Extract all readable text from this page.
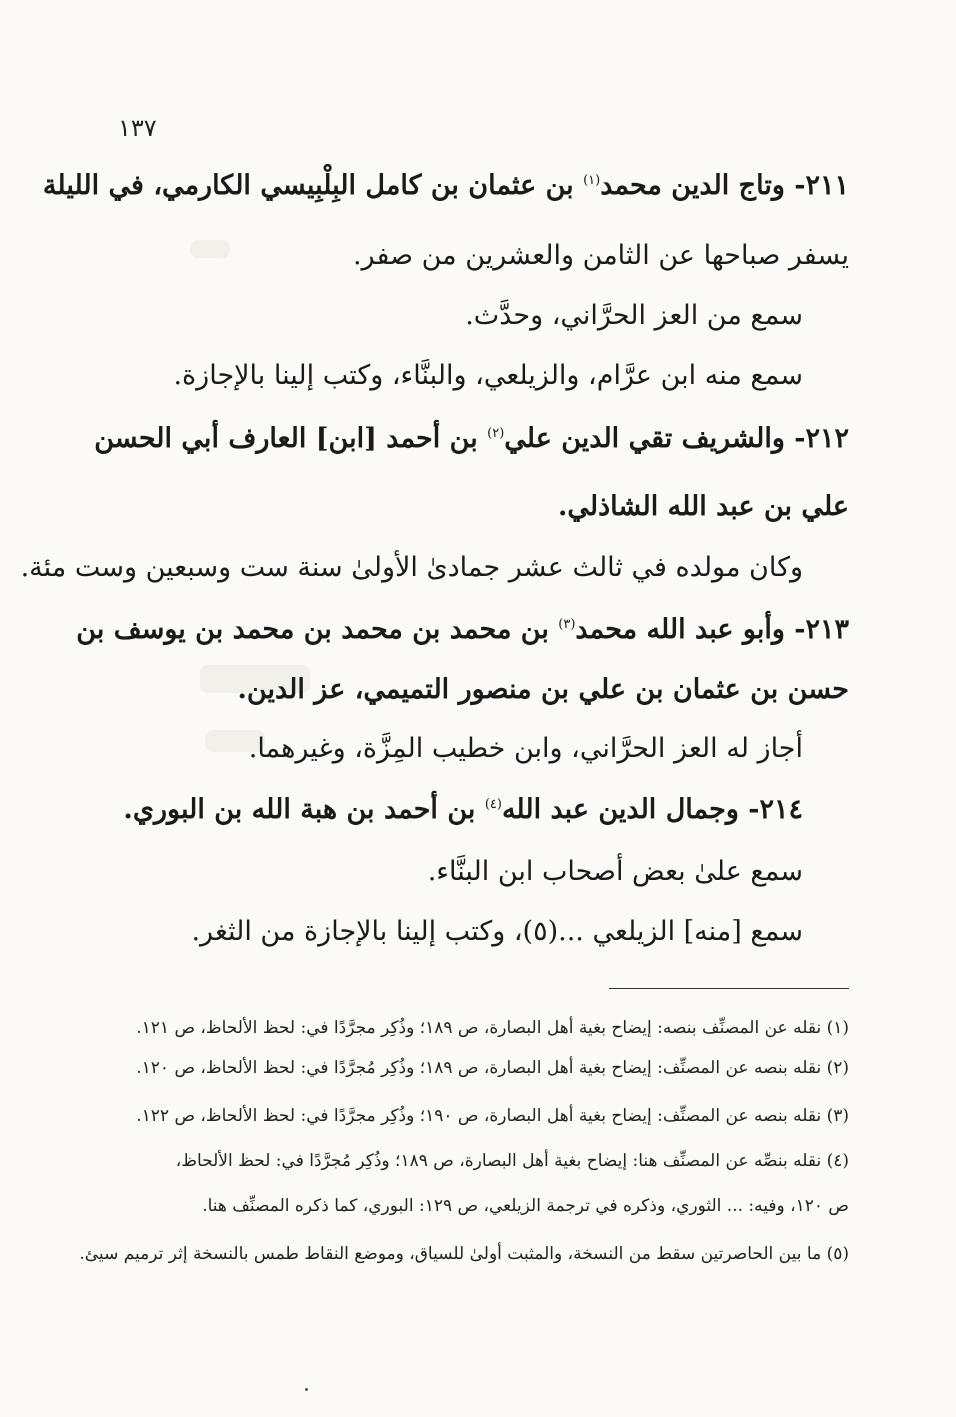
١٣٧
٢١١- وتاج الدين محمد$^{(١)}$ بن عثمان بن كامل البِلْبِيسي الكارمي، في الليلة
يسفر صباحها عن الثامن والعشرين من صفر.
سمع من العز الحرَّاني، وحدَّث.
سمع منه ابن عرَّام، والزيلعي، والبنَّاء، وكتب إلينا بالإجازة.
٢١٢- والشريف تقي الدين علي$^{(٢)}$ بن أحمد [ابن] العارف أبي الحسن
علي بن عبد الله الشاذلي.
وكان مولده في ثالث عشر جمادىٰ الأولىٰ سنة ست وسبعين وست مئة.
٢١٣- وأبو عبد الله محمد$^{(٣)}$ بن محمد بن محمد بن محمد بن يوسف بن
حسن بن عثمان بن علي بن منصور التميمي، عز الدين.
أجاز له العز الحرَّاني، وابن خطيب المِزَّة، وغيرهما.
٢١٤- وجمال الدين عبد الله$^{(٤)}$ بن أحمد بن هبة الله بن البوري.
سمع علىٰ بعض أصحاب ابن البنَّاء.
سمع [منه] الزيلعي ...(٥)، وكتب إلينا بالإجازة من الثغر.
(١) نقله عن المصنِّف بنصه: إيضاح بغية أهل البصارة، ص ١٨٩؛ وذُكِر مجرَّدًا في: لحظ الألحاظ، ص ١٢١.
(٢) نقله بنصه عن المصنِّف: إيضاح بغية أهل البصارة، ص ١٨٩؛ وذُكِر مُجرَّدًا في: لحظ الألحاظ، ص ١٢٠.
(٣) نقله بنصه عن المصنِّف: إيضاح بغية أهل البصارة، ص ١٩٠؛ وذُكِر مجرَّدًا في: لحظ الألحاظ، ص ١٢٢.
(٤) نقله بنصِّه عن المصنِّف هنا: إيضاح بغية أهل البصارة، ص ١٨٩؛ وذُكِر مُجرَّدًا في: لحظ الألحاظ،
ص ١٢٠، وفيه: ... الثوري، وذكره في ترجمة الزيلعي، ص ١٢٩: البوري، كما ذكره المصنِّف هنا.
(٥) ما بين الحاصرتين سقط من النسخة، والمثبت أولىٰ للسياق، وموضع النقاط طمس بالنسخة إثر ترميم سيئ.
